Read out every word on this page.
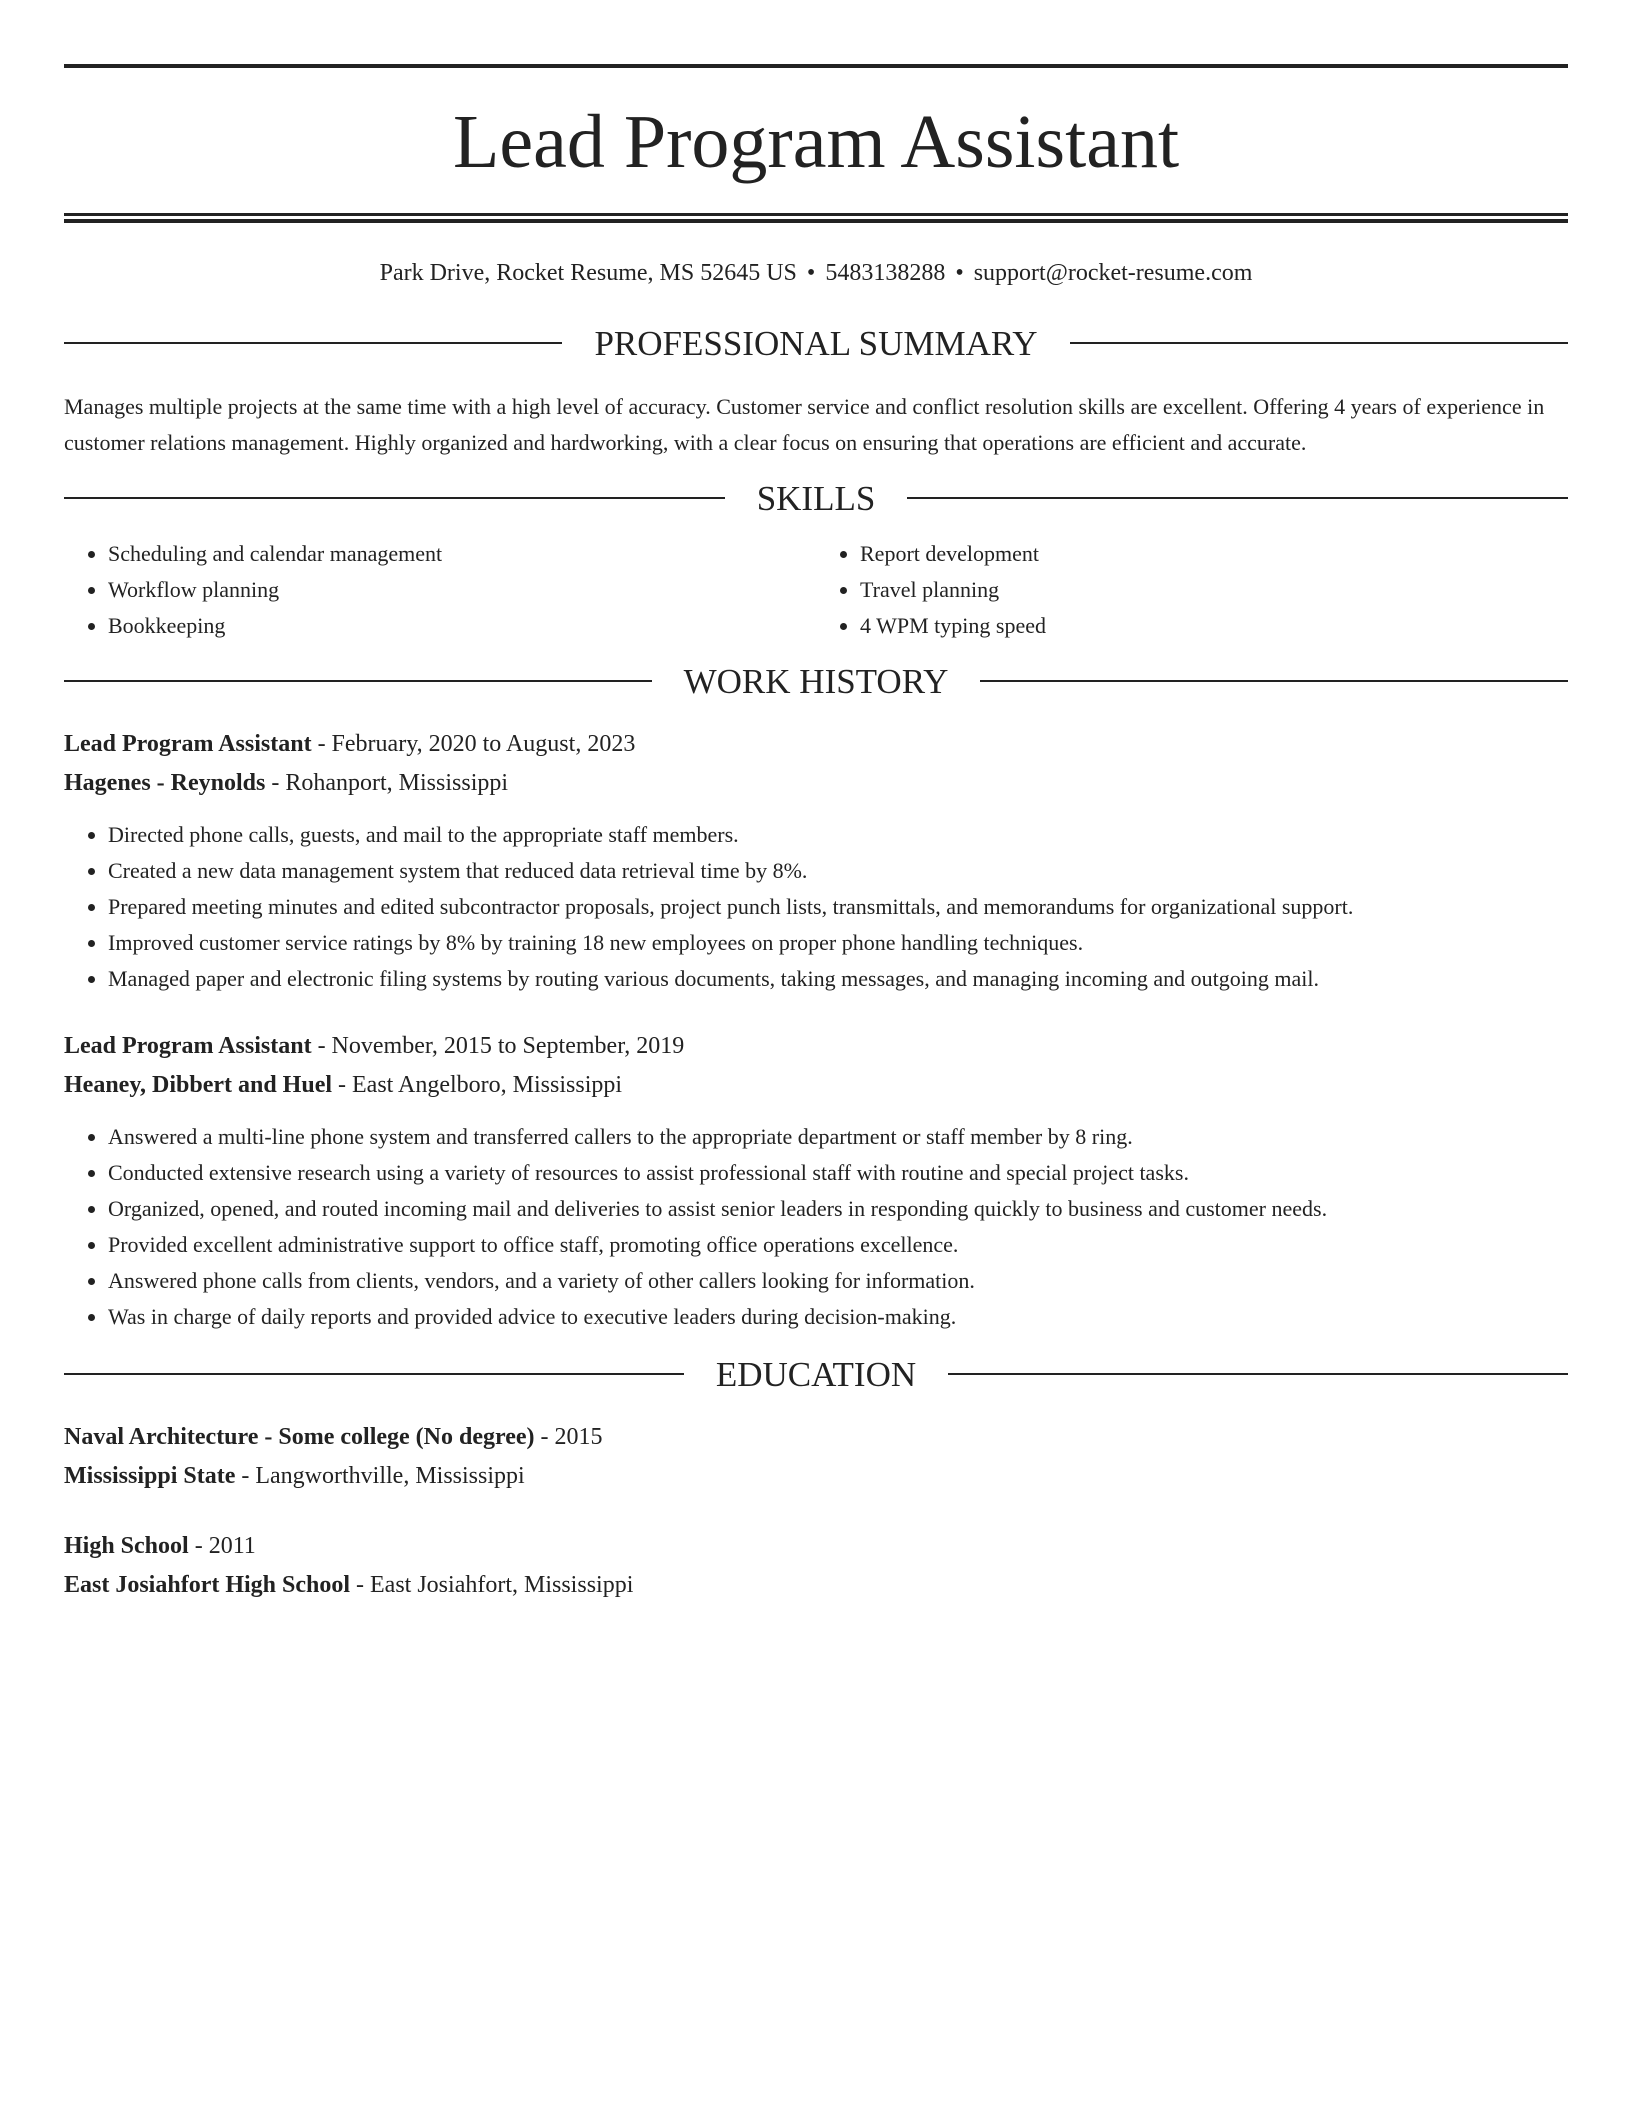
Lead Program Assistant
Park Drive, Rocket Resume, MS 52645 US • 5483138288 • support@rocket-resume.com
PROFESSIONAL SUMMARY

Manages multiple projects at the same time with a high level of accuracy. Customer service and conflict resolution skills are excellent. Offering 4 years of experience in customer relations management. Highly organized and hardworking, with a clear focus on ensuring that operations are efficient and accurate.

SKILLS
• Scheduling and calendar management
• Workflow planning
• Bookkeeping
• Report development
• Travel planning
• 4 WPM typing speed
WORK HISTORY
Lead Program Assistant - February, 2020 to August, 2023
Hagenes - Reynolds - Rohanport, Mississippi
• Directed phone calls, guests, and mail to the appropriate staff members.
• Created a new data management system that reduced data retrieval time by 8%.
• Prepared meeting minutes and edited subcontractor proposals, project punch lists, transmittals, and memorandums for organizational support.
• Improved customer service ratings by 8% by training 18 new employees on proper phone handling techniques.
• Managed paper and electronic filing systems by routing various documents, taking messages, and managing incoming and outgoing mail.
Lead Program Assistant - November, 2015 to September, 2019
Heaney, Dibbert and Huel - East Angelboro, Mississippi
• Answered a multi-line phone system and transferred callers to the appropriate department or staff member by 8 ring.
• Conducted extensive research using a variety of resources to assist professional staff with routine and special project tasks.
• Organized, opened, and routed incoming mail and deliveries to assist senior leaders in responding quickly to business and customer needs.
• Provided excellent administrative support to office staff, promoting office operations excellence.
• Answered phone calls from clients, vendors, and a variety of other callers looking for information.
• Was in charge of daily reports and provided advice to executive leaders during decision-making.
EDUCATION
Naval Architecture - Some college (No degree) - 2015
Mississippi State - Langworthville, Mississippi
High School - 2011
East Josiahfort High School - East Josiahfort, Mississippi
